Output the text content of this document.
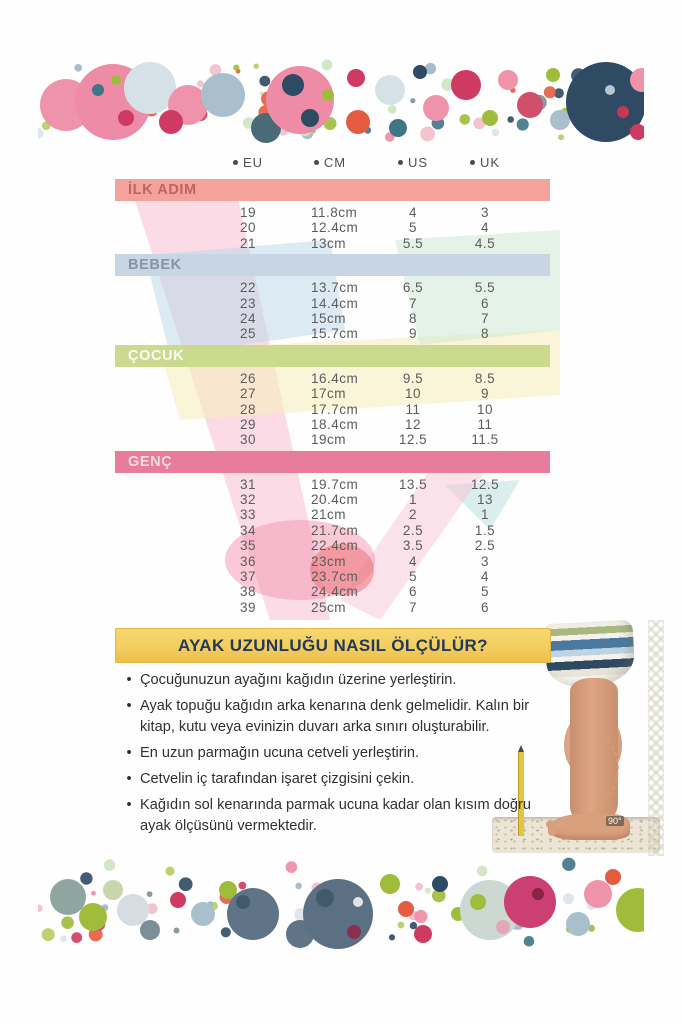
EU	CM	US	UK
İLK ADIM
19	11.8cm	4	3
20	12.4cm	5	4
21	13cm	5.5	4.5
BEBEK
22	13.7cm	6.5	5.5
23	14.4cm	7	6
24	15cm	8	7
25	15.7cm	9	8
ÇOCUK
26	16.4cm	9.5	8.5
27	17cm	10	9
28	17.7cm	11	10
29	18.4cm	12	11
30	19cm	12.5	11.5
GENÇ
31	19.7cm	13.5	12.5
32	20.4cm	1	13
33	21cm	2	1
34	21.7cm	2.5	1.5
35	22.4cm	3.5	2.5
36	23cm	4	3
37	23.7cm	5	4
38	24.4cm	6	5
39	25cm	7	6
AYAK UZUNLUĞU NASIL ÖLÇÜLÜR?
• Çocuğunuzun ayağını kağıdın üzerine yerleştirin.
• Ayak topuğu kağıdın arka kenarına denk gelmelidir. Kalın bir kitap, kutu veya evinizin duvarı arka sınırı oluşturabilir.
• En uzun parmağın ucuna cetveli yerleştirin.
• Cetvelin iç tarafından işaret çizgisini çekin.
• Kağıdın sol kenarında parmak ucuna kadar olan kısım doğru ayak ölçüsünü vermektedir.	90°
